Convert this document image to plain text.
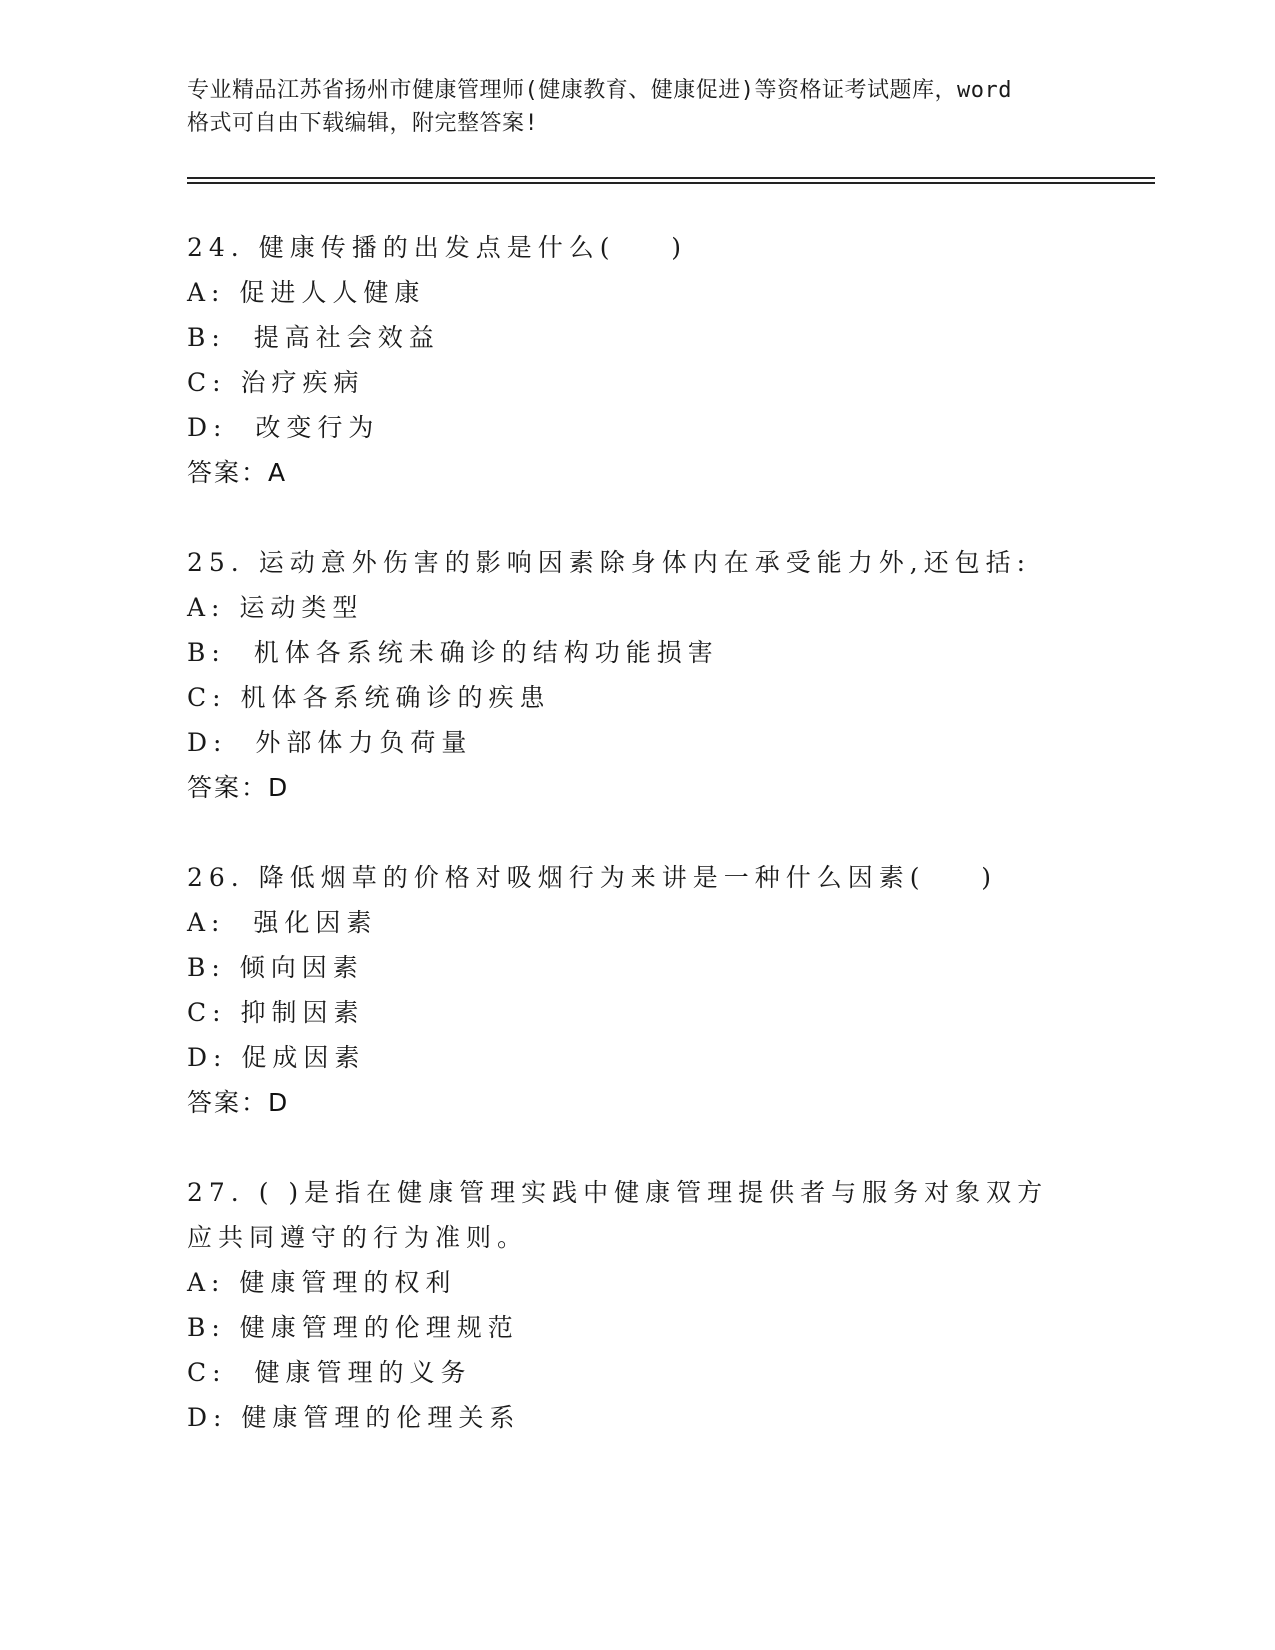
专业精品江苏省扬州市健康管理师(健康教育、健康促进)等资格证考试题库，word
格式可自由下载编辑，附完整答案!
24. 健康传播的出发点是什么(    )
A: 促进人人健康
B:  提高社会效益
C: 治疗疾病
D:  改变行为
答案：A
25. 运动意外伤害的影响因素除身体内在承受能力外,还包括:
A: 运动类型
B:  机体各系统未确诊的结构功能损害
C: 机体各系统确诊的疾患
D:  外部体力负荷量
答案：D
26. 降低烟草的价格对吸烟行为来讲是一种什么因素(    )
A:  强化因素
B: 倾向因素
C: 抑制因素
D: 促成因素
答案：D
27. ( )是指在健康管理实践中健康管理提供者与服务对象双方应共同遵守的行为准则。
A: 健康管理的权利
B: 健康管理的伦理规范
C:  健康管理的义务
D: 健康管理的伦理关系
